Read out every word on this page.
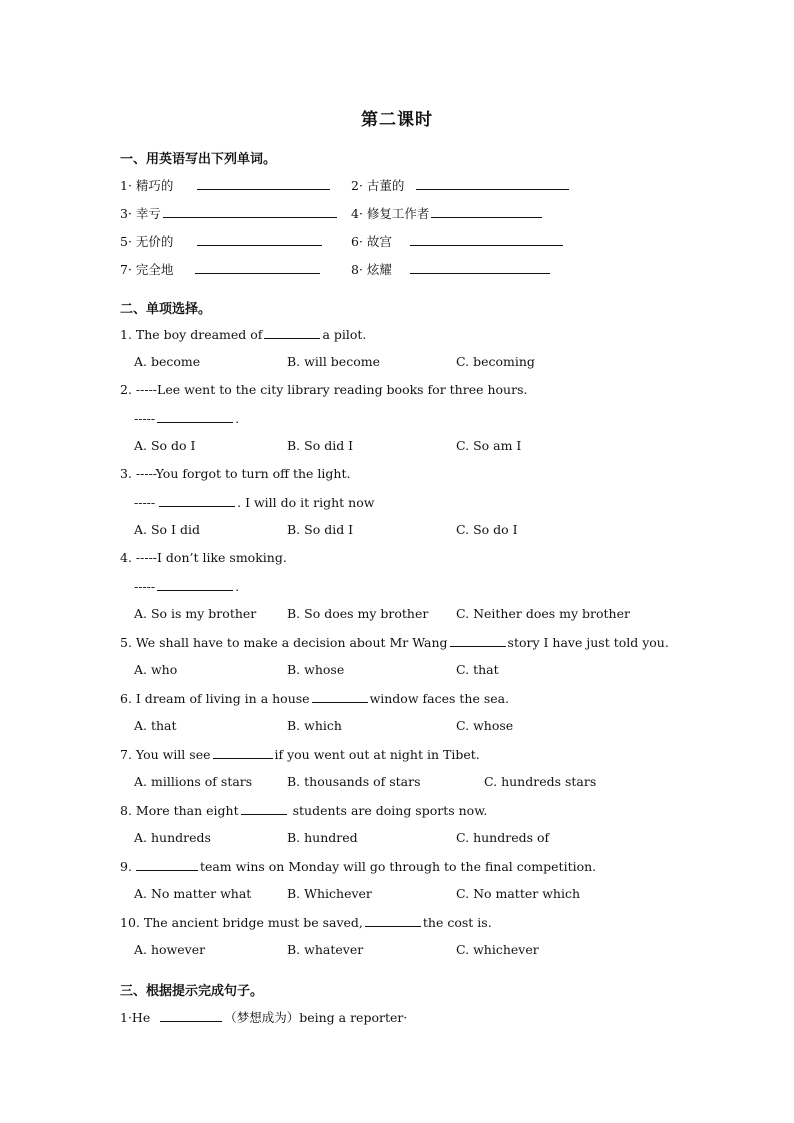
第二课时
一、用英语写出下列单词。
1· 精巧的	2· 古董的
3· 幸亏	4· 修复工作者
5· 无价的	6· 故宫
7· 完全地	8· 炫耀
二、单项选择。
1. The boy dreamed of	a pilot.
A. become	B. will become	C. becoming
2. -----Lee went to the city library reading books for three hours.
-----	.
A. So do I	B. So did I	C. So am I
3. -----You forgot to turn off the light.
-----	. I will do it right now
A. So I did	B. So did I	C. So do I
4. -----I don’t like smoking.
-----	.
A. So is my brother B. So does my brother C. Neither does my brother
5. We shall have to make a decision about Mr Wang	story I have just told you.
A. who	B. whose	C. that
6. I dream of living in a house	window faces the sea.
A. that	B. which	C. whose
7. You will see	if you went out at night in Tibet.
A. millions of stars	B. thousands of stars	C. hundreds stars
8. More than eight	students are doing sports now.
A. hundreds	B. hundred	C. hundreds of
9.	team wins on Monday will go through to the final competition.
A. No matter what	B. Whichever	C. No matter which
10. The ancient bridge must be saved,	the cost is.
A. however	B. whatever	C. whichever
三、根据提示完成句子。
1·He	（梦想成为）being a reporter·
